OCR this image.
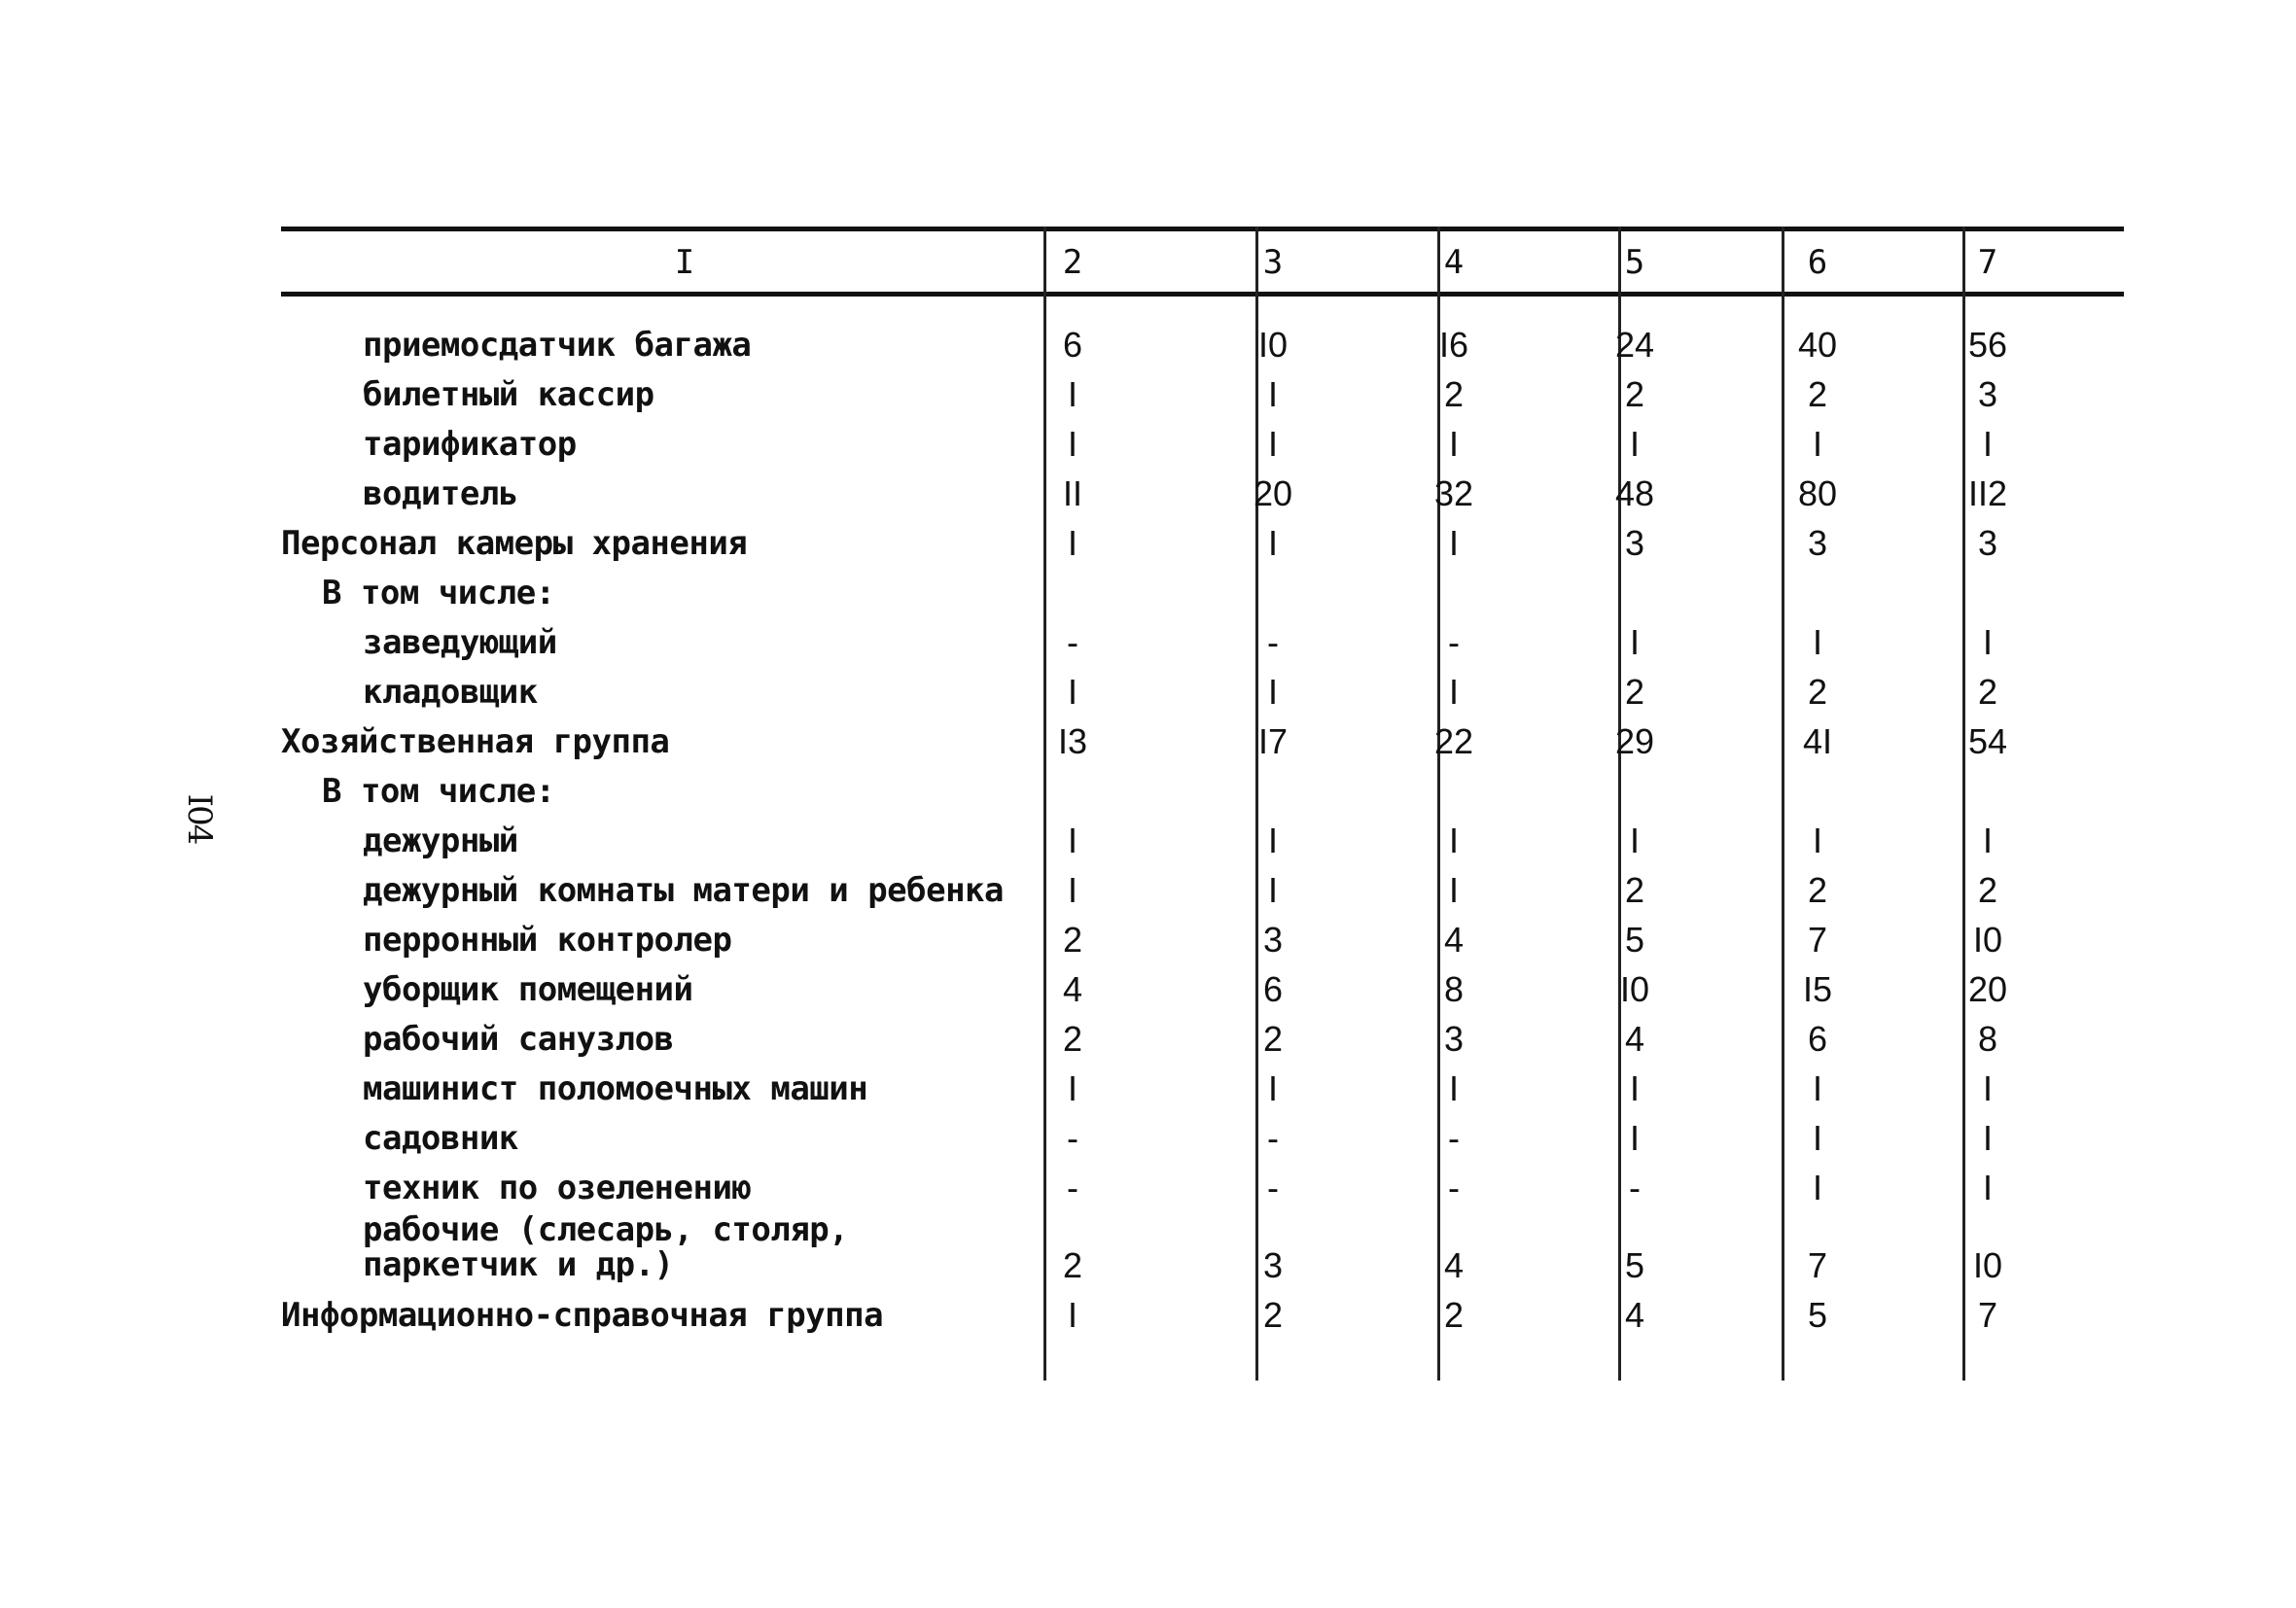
I04
I	2	3	4	5	6	7
приемосдатчик багажа	6	I0	I6	24	40	56
билетный кассир	I	I	2	2	2	3
тарификатор	I	I	I	I	I	I
водитель	II	20	32	48	80	II2
Персонал камеры хранения	I	I	I	3	3	3
В том числе:
заведующий	-	-	-	I	I	I
кладовщик	I	I	I	2	2	2
Хозяйственная группа	I3	I7	22	29	4I	54
В том числе:
дежурный	I	I	I	I	I	I
дежурный комнаты матери и ребенка	I	I	I	2	2	2
перронный контролер	2	3	4	5	7	I0
уборщик помещений	4	6	8	I0	I5	20
рабочий санузлов	2	2	3	4	6	8
машинист поломоечных машин	I	I	I	I	I	I
садовник	-	-	-	I	I	I
техник по озеленению	-	-	-	-	I	I
рабочие (слесарь, столяр, паркетчик и др.)	2	3	4	5	7	I0
Информационно-справочная группа	I	2	2	4	5	7
